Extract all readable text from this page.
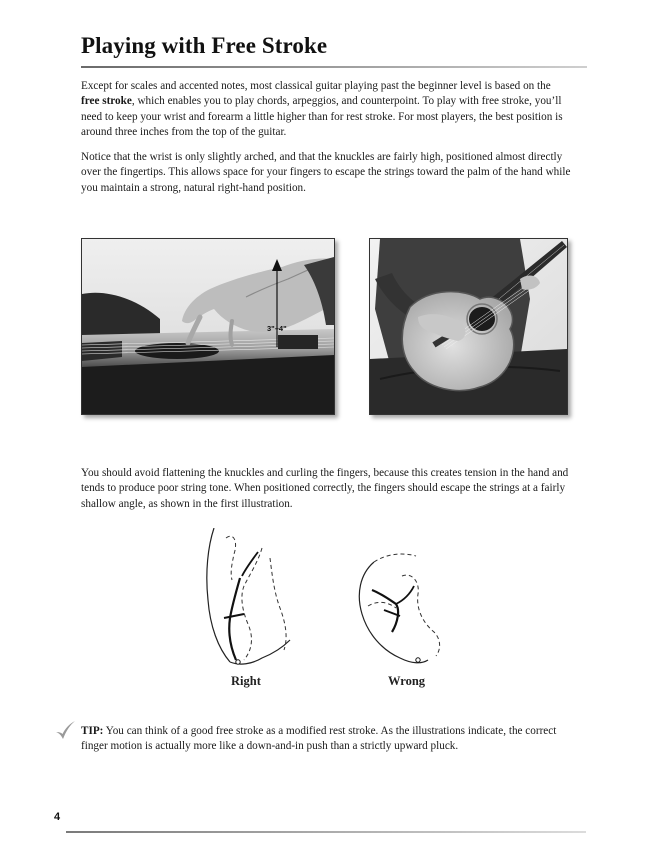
Playing with Free Stroke

Except for scales and accented notes, most classical guitar playing past the beginner level is based on the free stroke, which enables you to play chords, arpeggios, and counterpoint. To play with free stroke, you’ll need to keep your wrist and forearm a little higher than for rest stroke. For most players, the best position is around three inches from the top of the guitar.

Notice that the wrist is only slightly arched, and that the knuckles are fairly high, positioned almost directly over the fingertips. This allows space for your fingers to escape the strings toward the palm of the hand while you maintain a strong, natural right-hand position.

3"–4"

You should avoid flattening the knuckles and curling the fingers, because this creates tension in the hand and tends to produce poor string tone. When positioned correctly, the fingers should escape the strings at a fairly shallow angle, as shown in the first illustration.

Right	Wrong

TIP: You can think of a good free stroke as a modified rest stroke. As the illustrations indicate, the correct finger motion is actually more like a down-and-in push than a strictly upward pluck.

4
